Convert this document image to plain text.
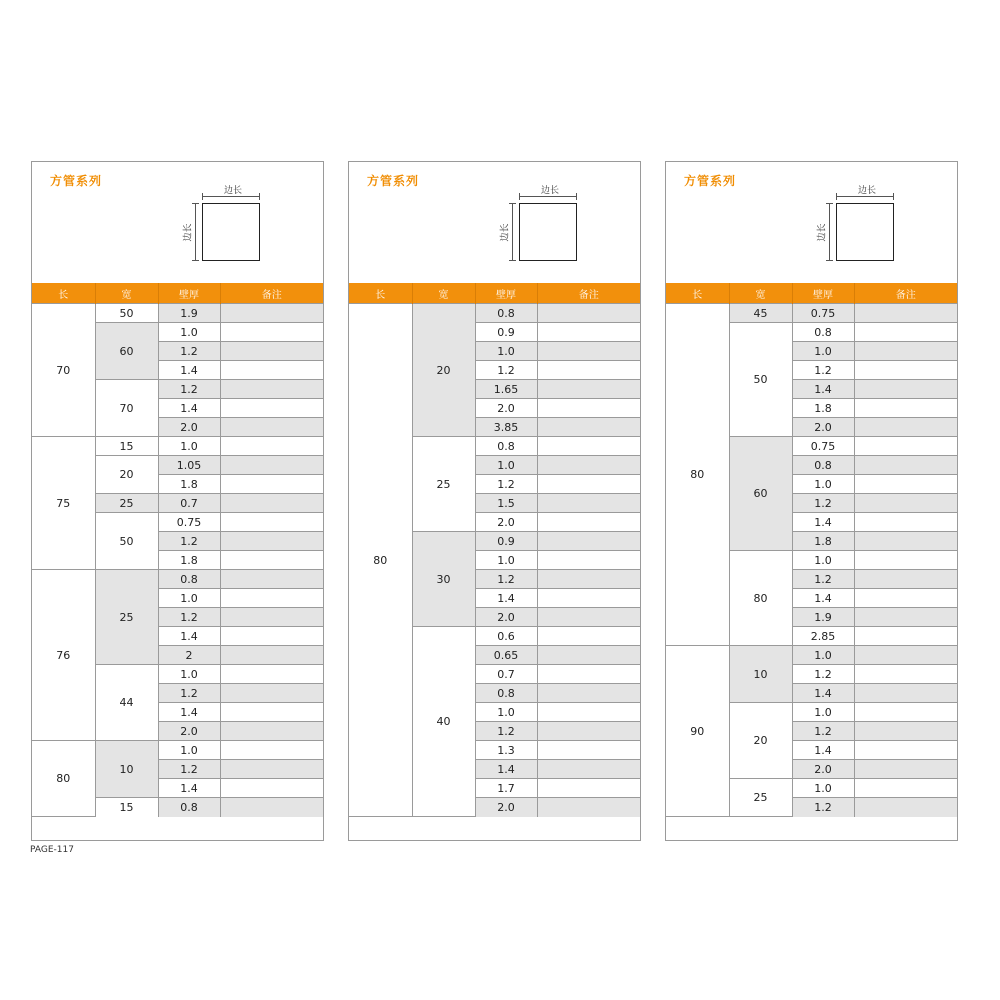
方管系列
边长
边长
长	宽	壁厚	备注
70	50	1.9	
	60	1.0	
		1.2	
		1.4	
	70	1.2	
		1.4	
		2.0	
75	15	1.0	
	20	1.05	
		1.8	
	25	0.7	
	50	0.75	
		1.2	
		1.8	
76	25	0.8	
		1.0	
		1.2	
		1.4	
		2	
	44	1.0	
		1.2	
		1.4	
		2.0	
80	10	1.0	
		1.2	
		1.4	
	15	0.8	
方管系列
边长
边长
长	宽	壁厚	备注
80	20	0.8	
		0.9	
		1.0	
		1.2	
		1.65	
		2.0	
		3.85	
	25	0.8	
		1.0	
		1.2	
		1.5	
		2.0	
	30	0.9	
		1.0	
		1.2	
		1.4	
		2.0	
	40	0.6	
		0.65	
		0.7	
		0.8	
		1.0	
		1.2	
		1.3	
		1.4	
		1.7	
		2.0	
方管系列
边长
边长
长	宽	壁厚	备注
80	45	0.75	
	50	0.8	
		1.0	
		1.2	
		1.4	
		1.8	
		2.0	
	60	0.75	
		0.8	
		1.0	
		1.2	
		1.4	
		1.8	
	80	1.0	
		1.2	
		1.4	
		1.9	
		2.85	
90	10	1.0	
		1.2	
		1.4	
	20	1.0	
		1.2	
		1.4	
		2.0	
	25	1.0	
		1.2	
PAGE-117
